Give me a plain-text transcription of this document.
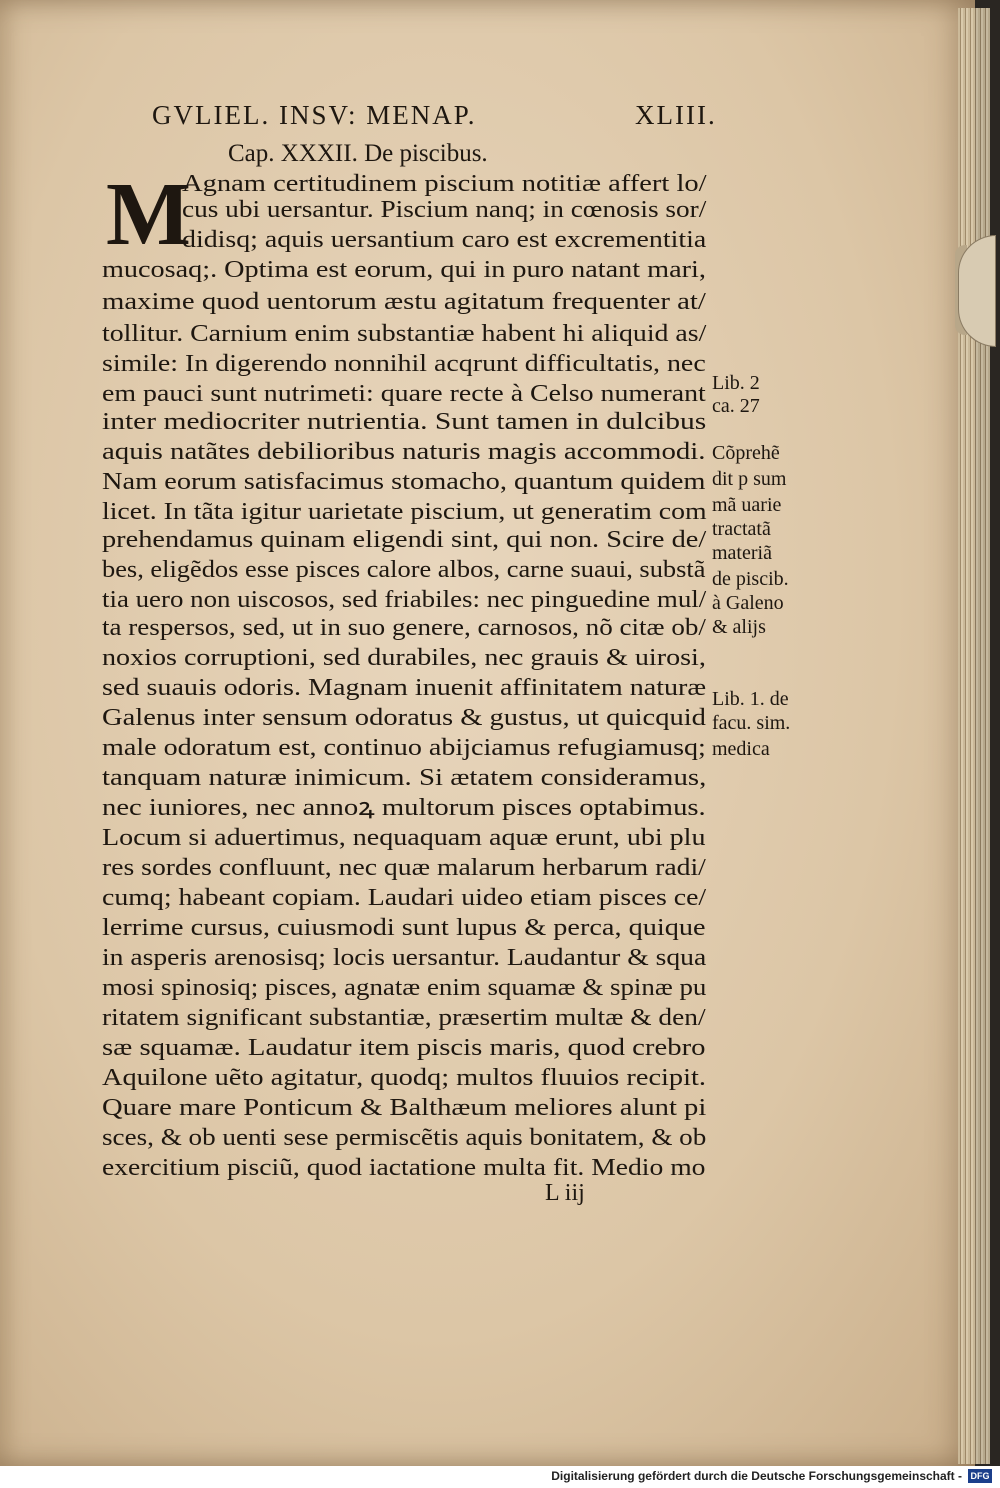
GVLIEL. INSV: MENAP.	XLIII.
Cap. XXXII. De piscibus.
M
Agnam certitudinem piscium notitiæ affert lo/
cus ubi uersantur. Piscium nanq; in cœnosis sor/
didisq; aquis uersantium caro est excrementitia
mucosaq;. Optima est eorum, qui in puro natant mari,
maxime quod uentorum æstu agitatum frequenter at/
tollitur. Carnium enim substantiæ habent hi aliquid as/
simile: In digerendo nonnihil acqrunt difficultatis, nec
em pauci sunt nutrimeti: quare recte à Celso numerant
inter mediocriter nutrientia. Sunt tamen in dulcibus
aquis natãtes debilioribus naturis magis accommodi.
Nam eorum satisfacimus stomacho, quantum quidem
licet. In tãta igitur uarietate piscium, ut generatim com
prehendamus quinam eligendi sint, qui non. Scire de/
bes, eligẽdos esse pisces calore albos, carne suaui, substã
tia uero non uiscosos, sed friabiles: nec pinguedine mul/
ta respersos, sed, ut in suo genere, carnosos, nõ citæ ob/
noxios corruptioni, sed durabiles, nec grauis & uirosi,
sed suauis odoris. Magnam inuenit affinitatem naturæ
Galenus inter sensum odoratus & gustus, ut quicquid
male odoratum est, continuo abijciamus refugiamusq;
tanquam naturæ inimicum. Si ætatem consideramus,
nec iuniores, nec annoꝝ multorum pisces optabimus.
Locum si aduertimus, nequaquam aquæ erunt, ubi plu
res sordes confluunt, nec quæ malarum herbarum radi/
cumq; habeant copiam. Laudari uideo etiam pisces ce/
lerrime cursus, cuiusmodi sunt lupus & perca, quique
in asperis arenosisq; locis uersantur. Laudantur & squa
mosi spinosiq; pisces, agnatæ enim squamæ & spinæ pu
ritatem significant substantiæ, præsertim multæ & den/
sæ squamæ. Laudatur item piscis maris, quod crebro
Aquilone uẽto agitatur, quodq; multos fluuios recipit.
Quare mare Ponticum & Balthæum meliores alunt pi
sces, & ob uenti sese permiscẽtis aquis bonitatem, & ob
exercitium pisciũ, quod iactatione multa fit. Medio mo
Lib. 2
ca. 27
Cõprehẽ
dit p sum
mã uarie
tractatã
materiã
de piscib.
à Galeno
& alijs
Lib. 1. de
facu. sim.
medica
L iij
Digitalisierung gefördert durch die Deutsche Forschungsgemeinschaft - DFG
